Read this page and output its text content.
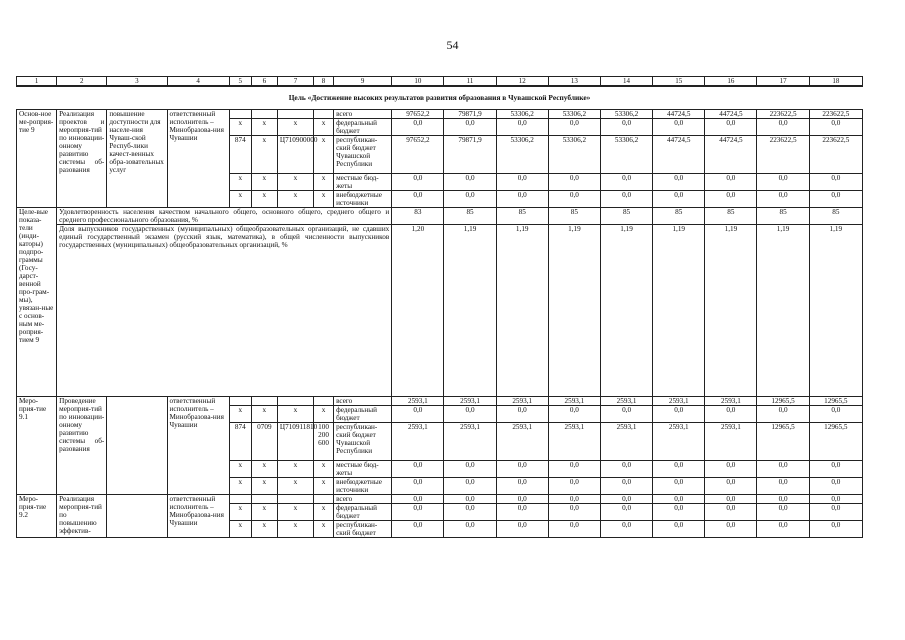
54
1	2	3	4	5	6	7	8	9	10	11	12	13	14	15	16	17	18
Цель «Достижение высоких результатов развития образования в Чувашской Республике»																	
Основ-ное ме-роприя-тие 9	Реализация проектов и мероприя-тий по инновации-онному развитию системы об-разования	повышение доступности для населе-ния Чуваш-ской Респуб-лики качест-венных обра-зовательных услуг	ответственный исполнитель – Минобразова-ния Чувашии					всего	97652,2	79871,9	53306,2	53306,2	53306,2	44724,5	44724,5	223622,5	223622,5
				x	x	x	x	федеральный бюджет	0,0	0,0	0,0	0,0	0,0	0,0	0,0	0,0	0,0
				874	x	Ц710900000	x	республикан-ский бюджет Чувашской Республики	97652,2	79871,9	53306,2	53306,2	53306,2	44724,5	44724,5	223622,5	223622,5
				x	x	x	x	местные бюд-жеты	0,0	0,0	0,0	0,0	0,0	0,0	0,0	0,0	0,0
				x	x	x	x	внебюджетные источники	0,0	0,0	0,0	0,0	0,0	0,0	0,0	0,0	0,0
Целе-вые показа-тели (инди-каторы) подпро-граммы (Госу-дарст-венной про-грам-мы), увязан-ные с основ-ным ме-роприя-тием 9	Удовлетворенность населения качеством начального общего, основного общего, среднего общего и среднего профессионального образования, %								83	85	85	85	85	85	85	85	85
	Доля выпускников государственных (муниципальных) общеобразовательных организаций, не сдавших единый государственный экзамен (русский язык, математика), в общей численности выпускников государственных (муниципальных) общеобразовательных организаций, %								1,20	1,19	1,19	1,19	1,19	1,19	1,19	1,19	1,19
Меро-прия-тие 9.1	Проведение мероприя-тий по инновации-онному развитию системы об-разования		ответственный исполнитель – Минобразова-ния Чувашии					всего	2593,1	2593,1	2593,1	2593,1	2593,1	2593,1	2593,1	12965,5	12965,5
				x	x	x	x	федеральный бюджет	0,0	0,0	0,0	0,0	0,0	0,0	0,0	0,0	0,0
				874	0709	Ц710911810	100 200 600	республикан-ский бюджет Чувашской Республики	2593,1	2593,1	2593,1	2593,1	2593,1	2593,1	2593,1	12965,5	12965,5
				x	x	x	x	местные бюд-жеты	0,0	0,0	0,0	0,0	0,0	0,0	0,0	0,0	0,0
				x	x	x	x	внебюджетные источники	0,0	0,0	0,0	0,0	0,0	0,0	0,0	0,0	0,0
Меро-прия-тие 9.2	Реализация мероприя-тий по повышению эффектив-		ответственный исполнитель – Минобразова-ния Чувашии					всего	0,0	0,0	0,0	0,0	0,0	0,0	0,0	0,0	0,0
				x	x	x	x	федеральный бюджет	0,0	0,0	0,0	0,0	0,0	0,0	0,0	0,0	0,0
				x	x	x	x	республикан-ский бюджет	0,0	0,0	0,0	0,0	0,0	0,0	0,0	0,0	0,0
